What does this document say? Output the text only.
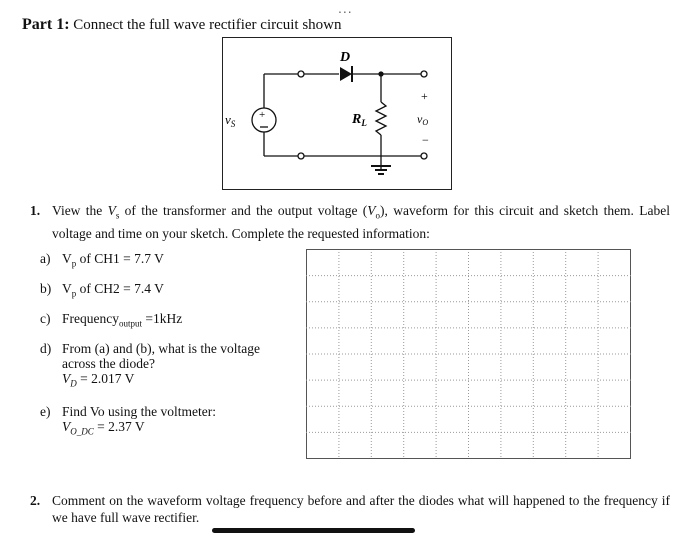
...
Part 1: Connect the full wave rectifier circuit shown
D
+
$v_S$	$R_L$
+
vO
−
1. View the $V_s$ of the transformer and the output voltage $(V_o)$, waveform for this circuit and sketch them. Label voltage and time on your sketch. Complete the requested information:
a) $V_p$ of CH1 = 7.7 V
b) $V_p$ of CH2 = 7.4 V
c) Frequency$_{output}$ =1kHz
d) From (a) and (b), what is the voltage
across the diode?
$V_D = 2.017$ V
e) Find Vo using the voltmeter:
$V_{O\_DC} = 2.37$ V
2. Comment on the waveform voltage frequency before and after the diodes what will happened to the frequency if we have full wave rectifier.
